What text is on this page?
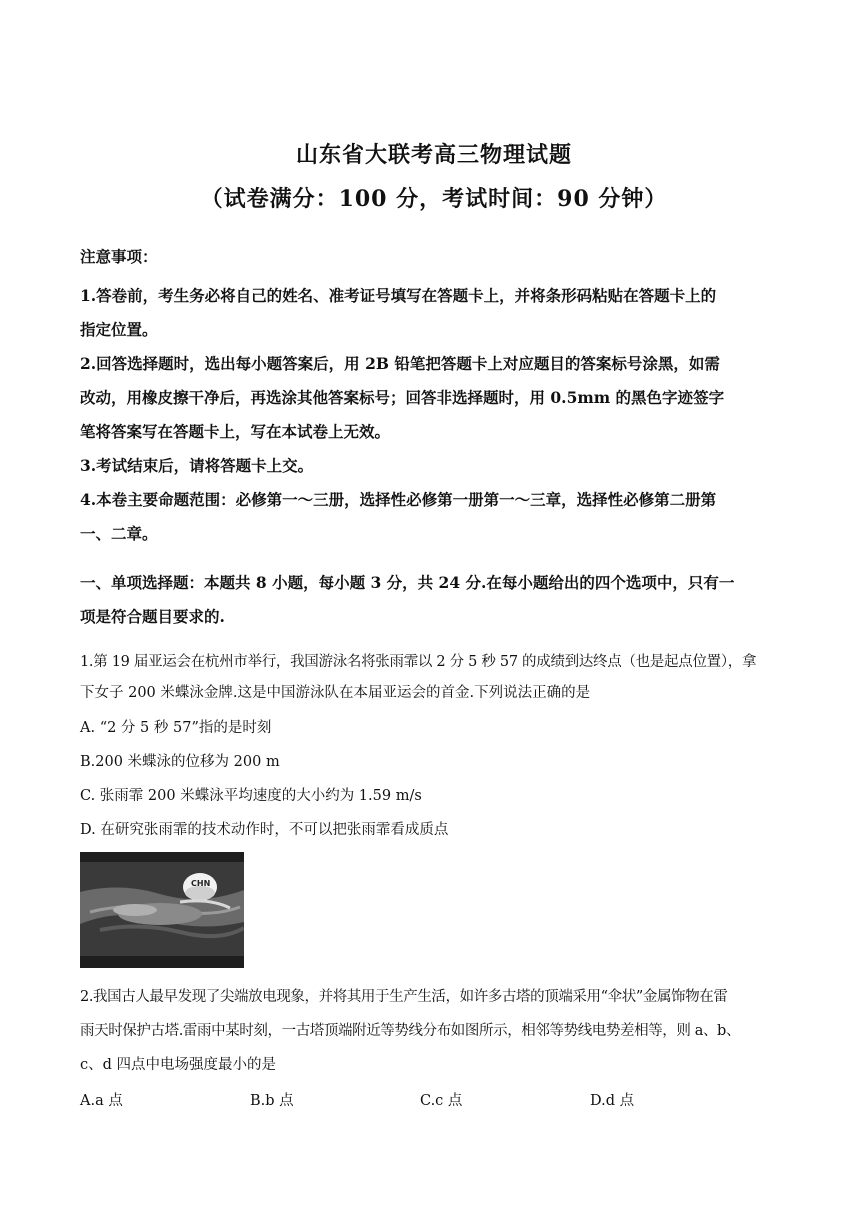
山东省大联考高三物理试题
（试卷满分：100 分，考试时间：90 分钟）
注意事项：
1.答卷前，考生务必将自己的姓名、准考证号填写在答题卡上，并将条形码粘贴在答题卡上的
指定位置。
2.回答选择题时，选出每小题答案后，用 2B 铅笔把答题卡上对应题目的答案标号涂黑，如需
改动，用橡皮擦干净后，再选涂其他答案标号；回答非选择题时，用 0.5mm 的黑色字迹签字
笔将答案写在答题卡上，写在本试卷上无效。
3.考试结束后，请将答题卡上交。
4.本卷主要命题范围：必修第一～三册，选择性必修第一册第一～三章，选择性必修第二册第
一、二章。
一、单项选择题：本题共 8 小题，每小题 3 分，共 24 分.在每小题给出的四个选项中，只有一
项是符合题目要求的.
1.第 19 届亚运会在杭州市举行，我国游泳名将张雨霏以 2 分 5 秒 57 的成绩到达终点（也是起点位置），拿
下女子 200 米蝶泳金牌.这是中国游泳队在本届亚运会的首金.下列说法正确的是
A. “2 分 5 秒 57”指的是时刻
B.200 米蝶泳的位移为 200 m
C. 张雨霏 200 米蝶泳平均速度的大小约为 1.59 m/s
D. 在研究张雨霏的技术动作时，不可以把张雨霏看成质点
CHN
2.我国古人最早发现了尖端放电现象，并将其用于生产生活，如许多古塔的顶端采用“伞状”金属饰物在雷
雨天时保护古塔.雷雨中某时刻，一古塔顶端附近等势线分布如图所示，相邻等势线电势差相等，则 a、b、
c、d 四点中电场强度最小的是
A.a 点	B.b 点	C.c 点	D.d 点
